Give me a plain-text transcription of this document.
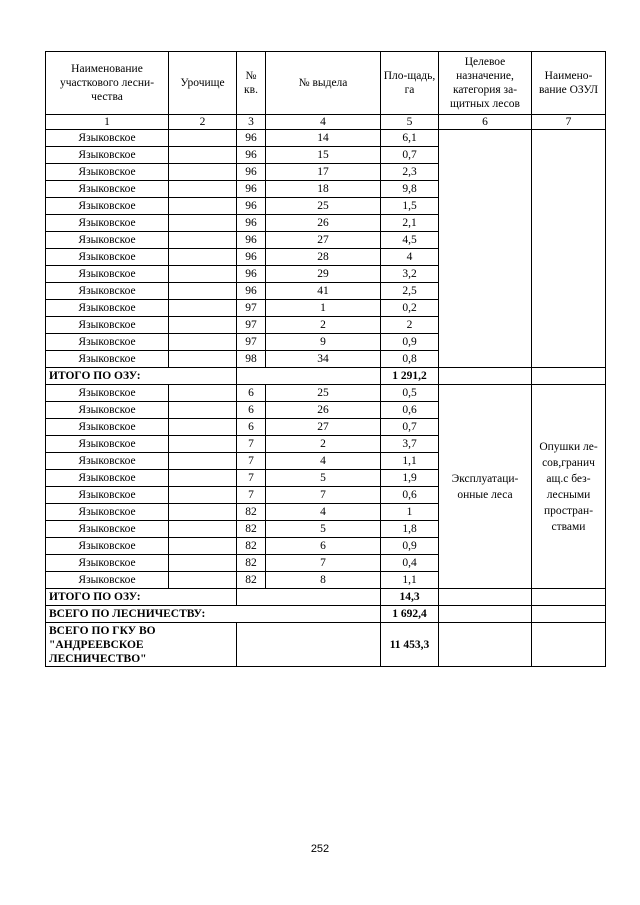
Наименование участкового лесни-чества	Урочище	№ кв.	№ выдела	Пло-щадь, га	Целевое назначение, категория за-щитных лесов	Наимено-вание ОЗУЛ
1	2	3	4	5	6	7
Языковское		96	14	6,1		
Языковское		96	15	0,7		
Языковское		96	17	2,3		
Языковское		96	18	9,8		
Языковское		96	25	1,5		
Языковское		96	26	2,1		
Языковское		96	27	4,5		
Языковское		96	28	4		
Языковское		96	29	3,2		
Языковское		96	41	2,5		
Языковское		97	1	0,2		
Языковское		97	2	2		
Языковское		97	9	0,9		
Языковское		98	34	0,8		
ИТОГО ПО ОЗУ:				1 291,2		
Языковское		6	25	0,5	Эксплуатаци-онные леса	Опушки ле-сов,гранич ащ.с без-лесными простран-ствами
Языковское		6	26	0,6		
Языковское		6	27	0,7		
Языковское		7	2	3,7		
Языковское		7	4	1,1		
Языковское		7	5	1,9		
Языковское		7	7	0,6		
Языковское		82	4	1		
Языковское		82	5	1,8		
Языковское		82	6	0,9		
Языковское		82	7	0,4		
Языковское		82	8	1,1		
ИТОГО ПО ОЗУ:				14,3		
ВСЕГО ПО ЛЕСНИЧЕСТВУ:				1 692,4		
ВСЕГО ПО ГКУ ВО "АНДРЕЕВСКОЕ ЛЕСНИЧЕСТВО"				11 453,3		
252
